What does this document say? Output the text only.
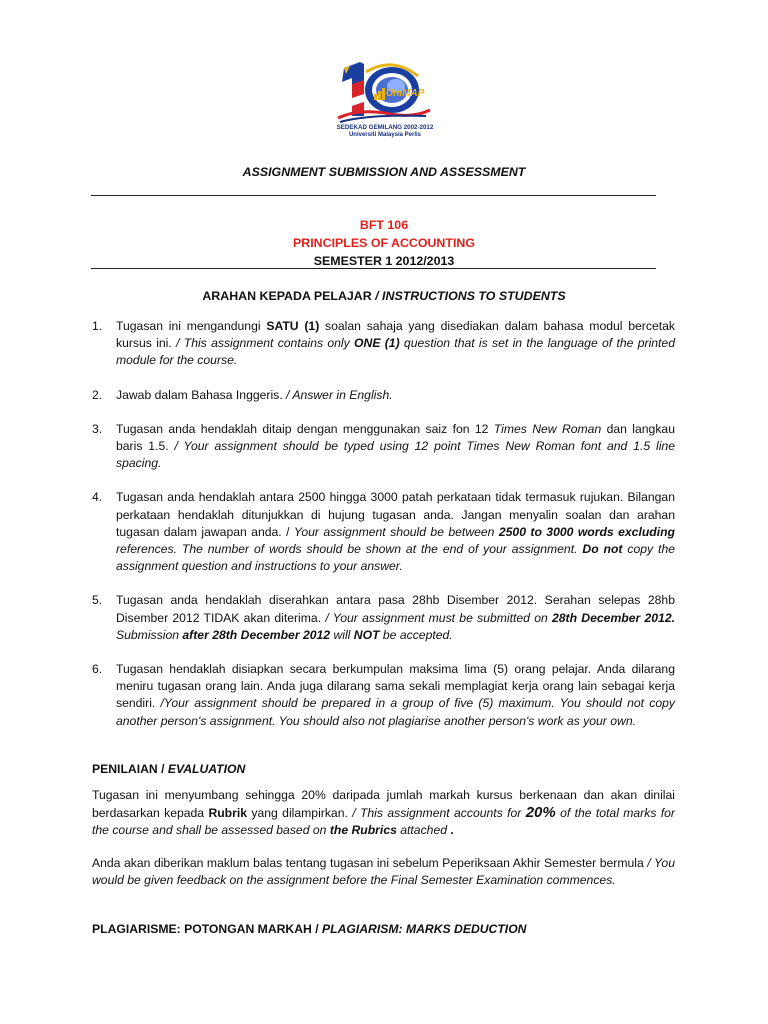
UniMAP
SEDEKAD GEMILANG 2002-2012
Universiti Malaysia Perlis
ASSIGNMENT SUBMISSION AND ASSESSMENT
BFT 106
PRINCIPLES OF ACCOUNTING
SEMESTER 1 2012/2013
ARAHAN KEPADA PELAJAR / INSTRUCTIONS TO STUDENTS
1. Tugasan ini mengandungi SATU (1) soalan sahaja yang disediakan dalam bahasa modul bercetak kursus ini. / This assignment contains only ONE (1) question that is set in the language of the printed module for the course.
2. Jawab dalam Bahasa Inggeris. / Answer in English.
3. Tugasan anda hendaklah ditaip dengan menggunakan saiz fon 12 Times New Roman dan langkau baris 1.5. / Your assignment should be typed using 12 point Times New Roman font and 1.5 line spacing.
4. Tugasan anda hendaklah antara 2500 hingga 3000 patah perkataan tidak termasuk rujukan. Bilangan perkataan hendaklah ditunjukkan di hujung tugasan anda. Jangan menyalin soalan dan arahan tugasan dalam jawapan anda. / Your assignment should be between 2500 to 3000 words excluding references. The number of words should be shown at the end of your assignment. Do not copy the assignment question and instructions to your answer.
5. Tugasan anda hendaklah diserahkan antara pasa 28hb Disember 2012. Serahan selepas 28hb Disember 2012 TIDAK akan diterima. / Your assignment must be submitted on 28th December 2012. Submission after 28th December 2012 will NOT be accepted.
6. Tugasan hendaklah disiapkan secara berkumpulan maksima lima (5) orang pelajar. Anda dilarang meniru tugasan orang lain. Anda juga dilarang sama sekali memplagiat kerja orang lain sebagai kerja sendiri. /Your assignment should be prepared in a group of five (5) maximum. You should not copy another person's assignment. You should also not plagiarise another person's work as your own.
PENILAIAN / EVALUATION
Tugasan ini menyumbang sehingga 20% daripada jumlah markah kursus berkenaan dan akan dinilai berdasarkan kepada Rubrik yang dilampirkan. / This assignment accounts for 20% of the total marks for the course and shall be assessed based on the Rubrics attached .
Anda akan diberikan maklum balas tentang tugasan ini sebelum Peperiksaan Akhir Semester bermula / You would be given feedback on the assignment before the Final Semester Examination commences.
PLAGIARISME: POTONGAN MARKAH / PLAGIARISM: MARKS DEDUCTION
